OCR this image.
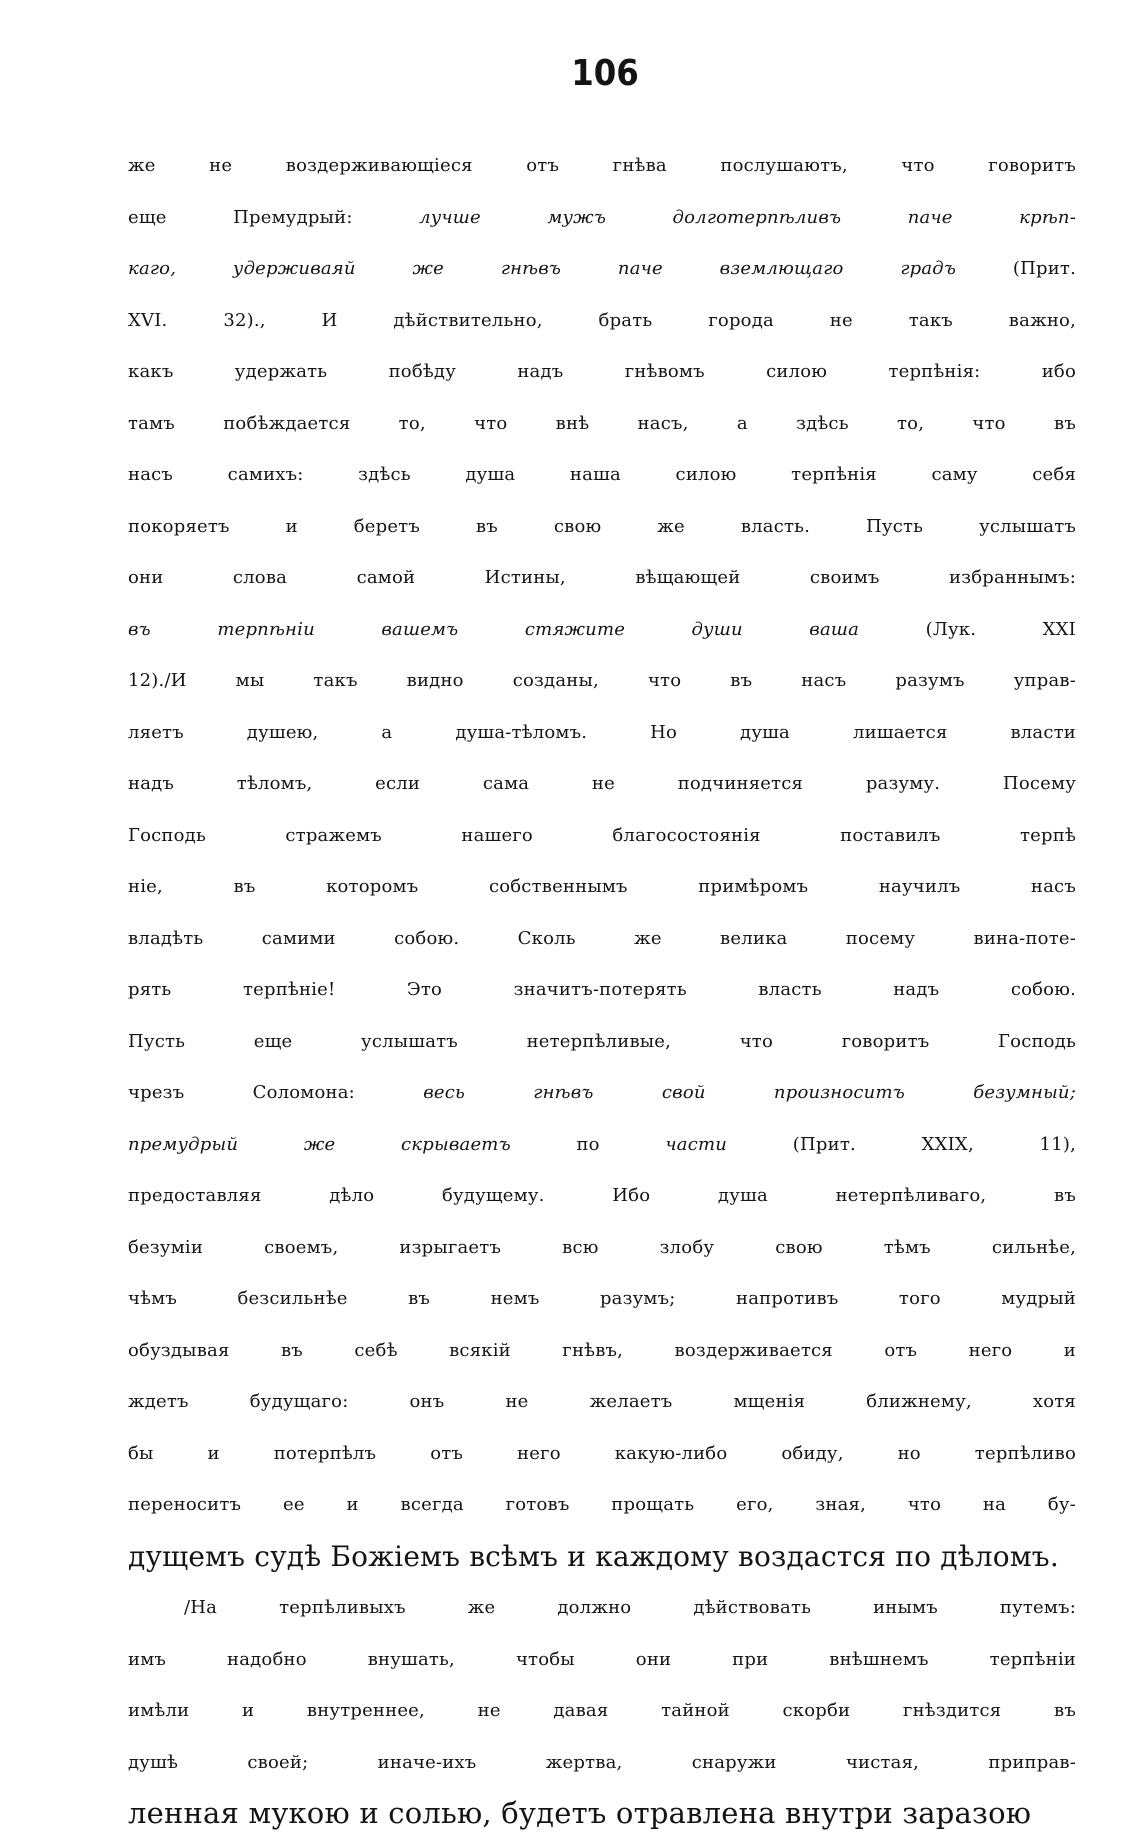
106
же не воздерживающіеся отъ гнѣва послушаютъ, что говоритъ
еще Премудрый: лучше мужъ долготерпѣливъ паче крѣп-
каго, удерживаяй же гнѣвъ паче вземлющаго градъ (Прит.
XVI. 32)., И дѣйствительно, брать города не такъ важно,
какъ удержать побѣду надъ гнѣвомъ силою терпѣнія: ибо
тамъ побѣждается то, что внѣ насъ, а здѣсь то, что въ
насъ самихъ: здѣсь душа наша силою терпѣнія саму себя
покоряетъ и беретъ въ свою же власть. Пусть услышатъ
они слова самой Истины, вѣщающей своимъ избраннымъ:
въ терпѣніи вашемъ стяжите души ваша (Лук. XXI
12)./И мы такъ видно созданы, что въ насъ разумъ управ-
ляетъ душею, а душа-тѣломъ. Но душа лишается власти
надъ тѣломъ, если сама не подчиняется разуму. Посему
Господь стражемъ нашего благосостоянія поставилъ терпѣ
ніе, въ которомъ собственнымъ примѣромъ научилъ насъ
владѣть самими собою. Сколь же велика посему вина-поте-
рять терпѣніе! Это значитъ-потерять власть надъ собою.
Пусть еще услышатъ нетерпѣливые, что говоритъ Господь
чрезъ Соломона: весь гнѣвъ свой произноситъ безумный;
премудрый же скрываетъ по части (Прит. XXIX, 11),
предоставляя дѣло будущему. Ибо душа нетерпѣливаго, въ
безуміи своемъ, изрыгаетъ всю злобу свою тѣмъ сильнѣе,
чѣмъ безсильнѣе въ немъ разумъ; напротивъ того мудрый
обуздывая въ себѣ всякій гнѣвъ, воздерживается отъ него и
ждетъ будущаго: онъ не желаетъ мщенія ближнему, хотя
бы и потерпѣлъ отъ него какую-либо обиду, но терпѣливо
переноситъ ее и всегда готовъ прощать его, зная, что на бу-
дущемъ судѣ Божіемъ всѣмъ и каждому воздастся по дѣломъ.
/На терпѣливыхъ же должно дѣйствовать инымъ путемъ:
имъ надобно внушать, чтобы они при внѣшнемъ терпѣніи
имѣли и внутреннее, не давая тайной скорби гнѣздится въ
душѣ своей; иначе-ихъ жертва, снаружи чистая, приправ-
ленная мукою и солью, будетъ отравлена внутри заразою
